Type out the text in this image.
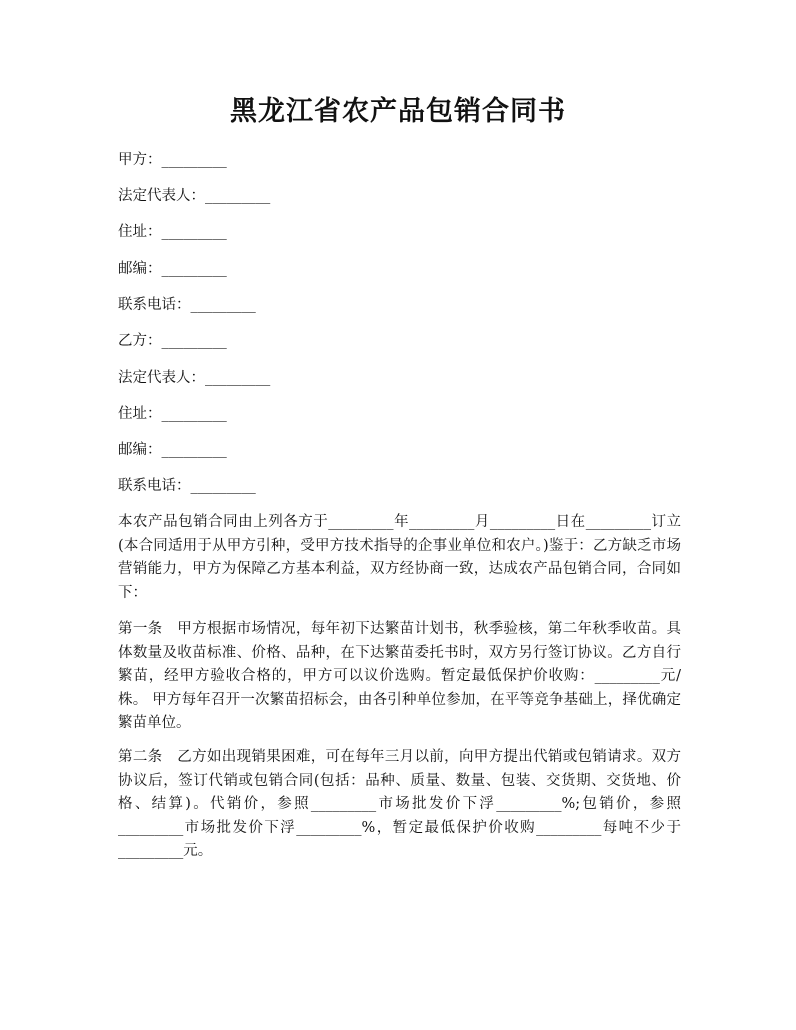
黑龙江省农产品包销合同书
甲方：_________
法定代表人：_________
住址：_________
邮编：_________
联系电话：_________
乙方：_________
法定代表人：_________
住址：_________
邮编：_________
联系电话：_________
本农产品包销合同由上列各方于_________年_________月_________日在_________订立(本合同适用于从甲方引种，受甲方技术指导的企事业单位和农户。)鉴于：乙方缺乏市场营销能力，甲方为保障乙方基本利益，双方经协商一致，达成农产品包销合同，合同如下：
第一条　甲方根据市场情况，每年初下达繁苗计划书，秋季验核，第二年秋季收苗。具体数量及收苗标准、价格、品种，在下达繁苗委托书时，双方另行签订协议。乙方自行繁苗，经甲方验收合格的，甲方可以议价选购。暂定最低保护价收购：_________元/株。 甲方每年召开一次繁苗招标会，由各引种单位参加，在平等竞争基础上，择优确定繁苗单位。
第二条　乙方如出现销果困难，可在每年三月以前，向甲方提出代销或包销请求。双方协议后，签订代销或包销合同(包括：品种、质量、数量、包装、交货期、交货地、价格、结算)。代销价，参照_________市场批发价下浮_________%;包销价，参照_________市场批发价下浮_________%，暂定最低保护价收购_________每吨不少于_________元。
